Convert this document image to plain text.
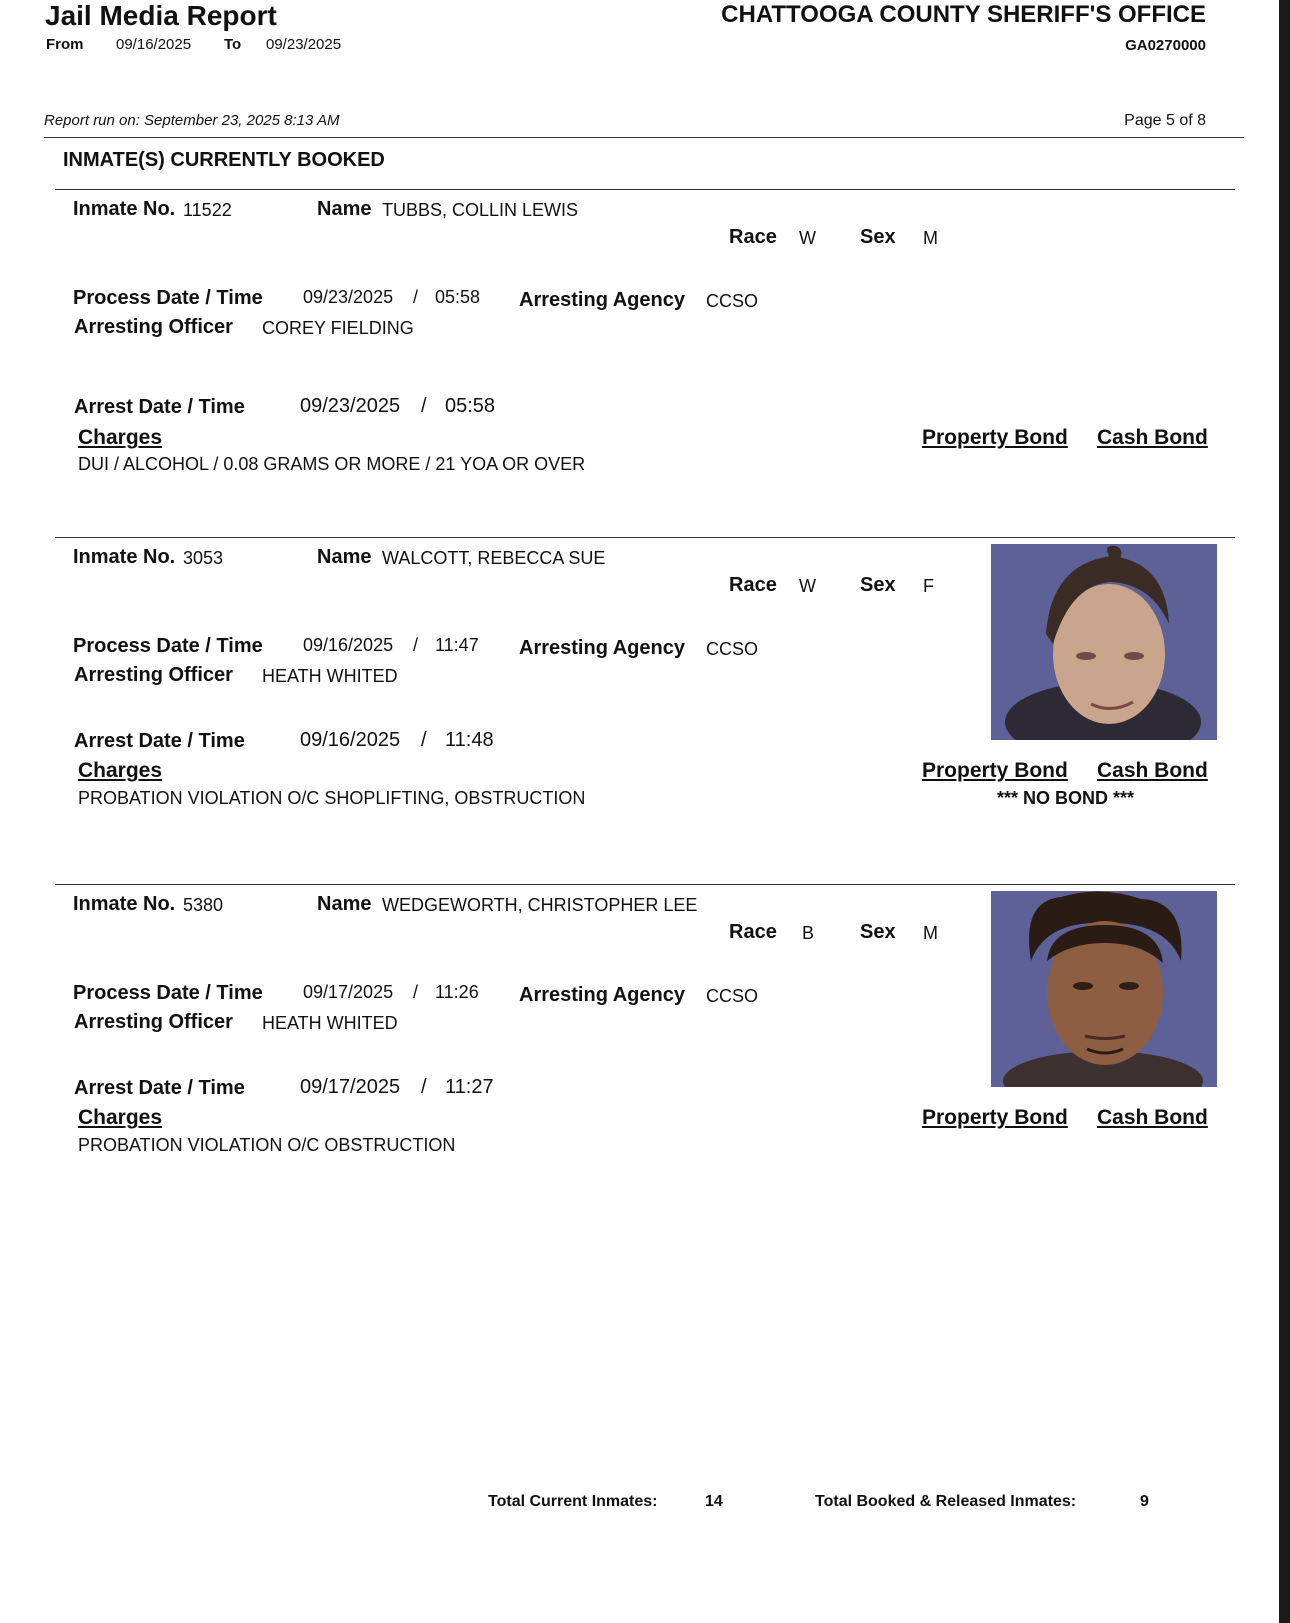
Jail Media Report
From 09/16/2025 To 09/23/2025
CHATTOOGA COUNTY SHERIFF'S OFFICE
GA0270000
Report run on: September 23, 2025 8:13 AM	Page 5 of 8
INMATE(S) CURRENTLY BOOKED
Inmate No. 11522	Name TUBBS, COLLIN LEWIS
Race W Sex M
Process Date / Time 09/23/2025 / 05:58 Arresting Agency CCSO
Arresting Officer COREY FIELDING
Arrest Date / Time	09/23/2025 / 05:58
Charges	Property Bond Cash Bond
DUI / ALCOHOL / 0.08 GRAMS OR MORE / 21 YOA OR OVER
Inmate No. 3053	Name WALCOTT, REBECCA SUE
Race W Sex F
Process Date / Time 09/16/2025 / 11:47 Arresting Agency CCSO
Arresting Officer HEATH WHITED
Arrest Date / Time	09/16/2025 / 11:48
Charges	Property Bond Cash Bond
PROBATION VIOLATION O/C SHOPLIFTING, OBSTRUCTION	*** NO BOND ***
Inmate No. 5380	Name WEDGEWORTH, CHRISTOPHER LEE
Race B Sex M
Process Date / Time 09/17/2025 / 11:26 Arresting Agency CCSO
Arresting Officer HEATH WHITED
Arrest Date / Time	09/17/2025 / 11:27
Charges	Property Bond Cash Bond
PROBATION VIOLATION O/C OBSTRUCTION
Total Current Inmates:	14	Total Booked & Released Inmates:	9
